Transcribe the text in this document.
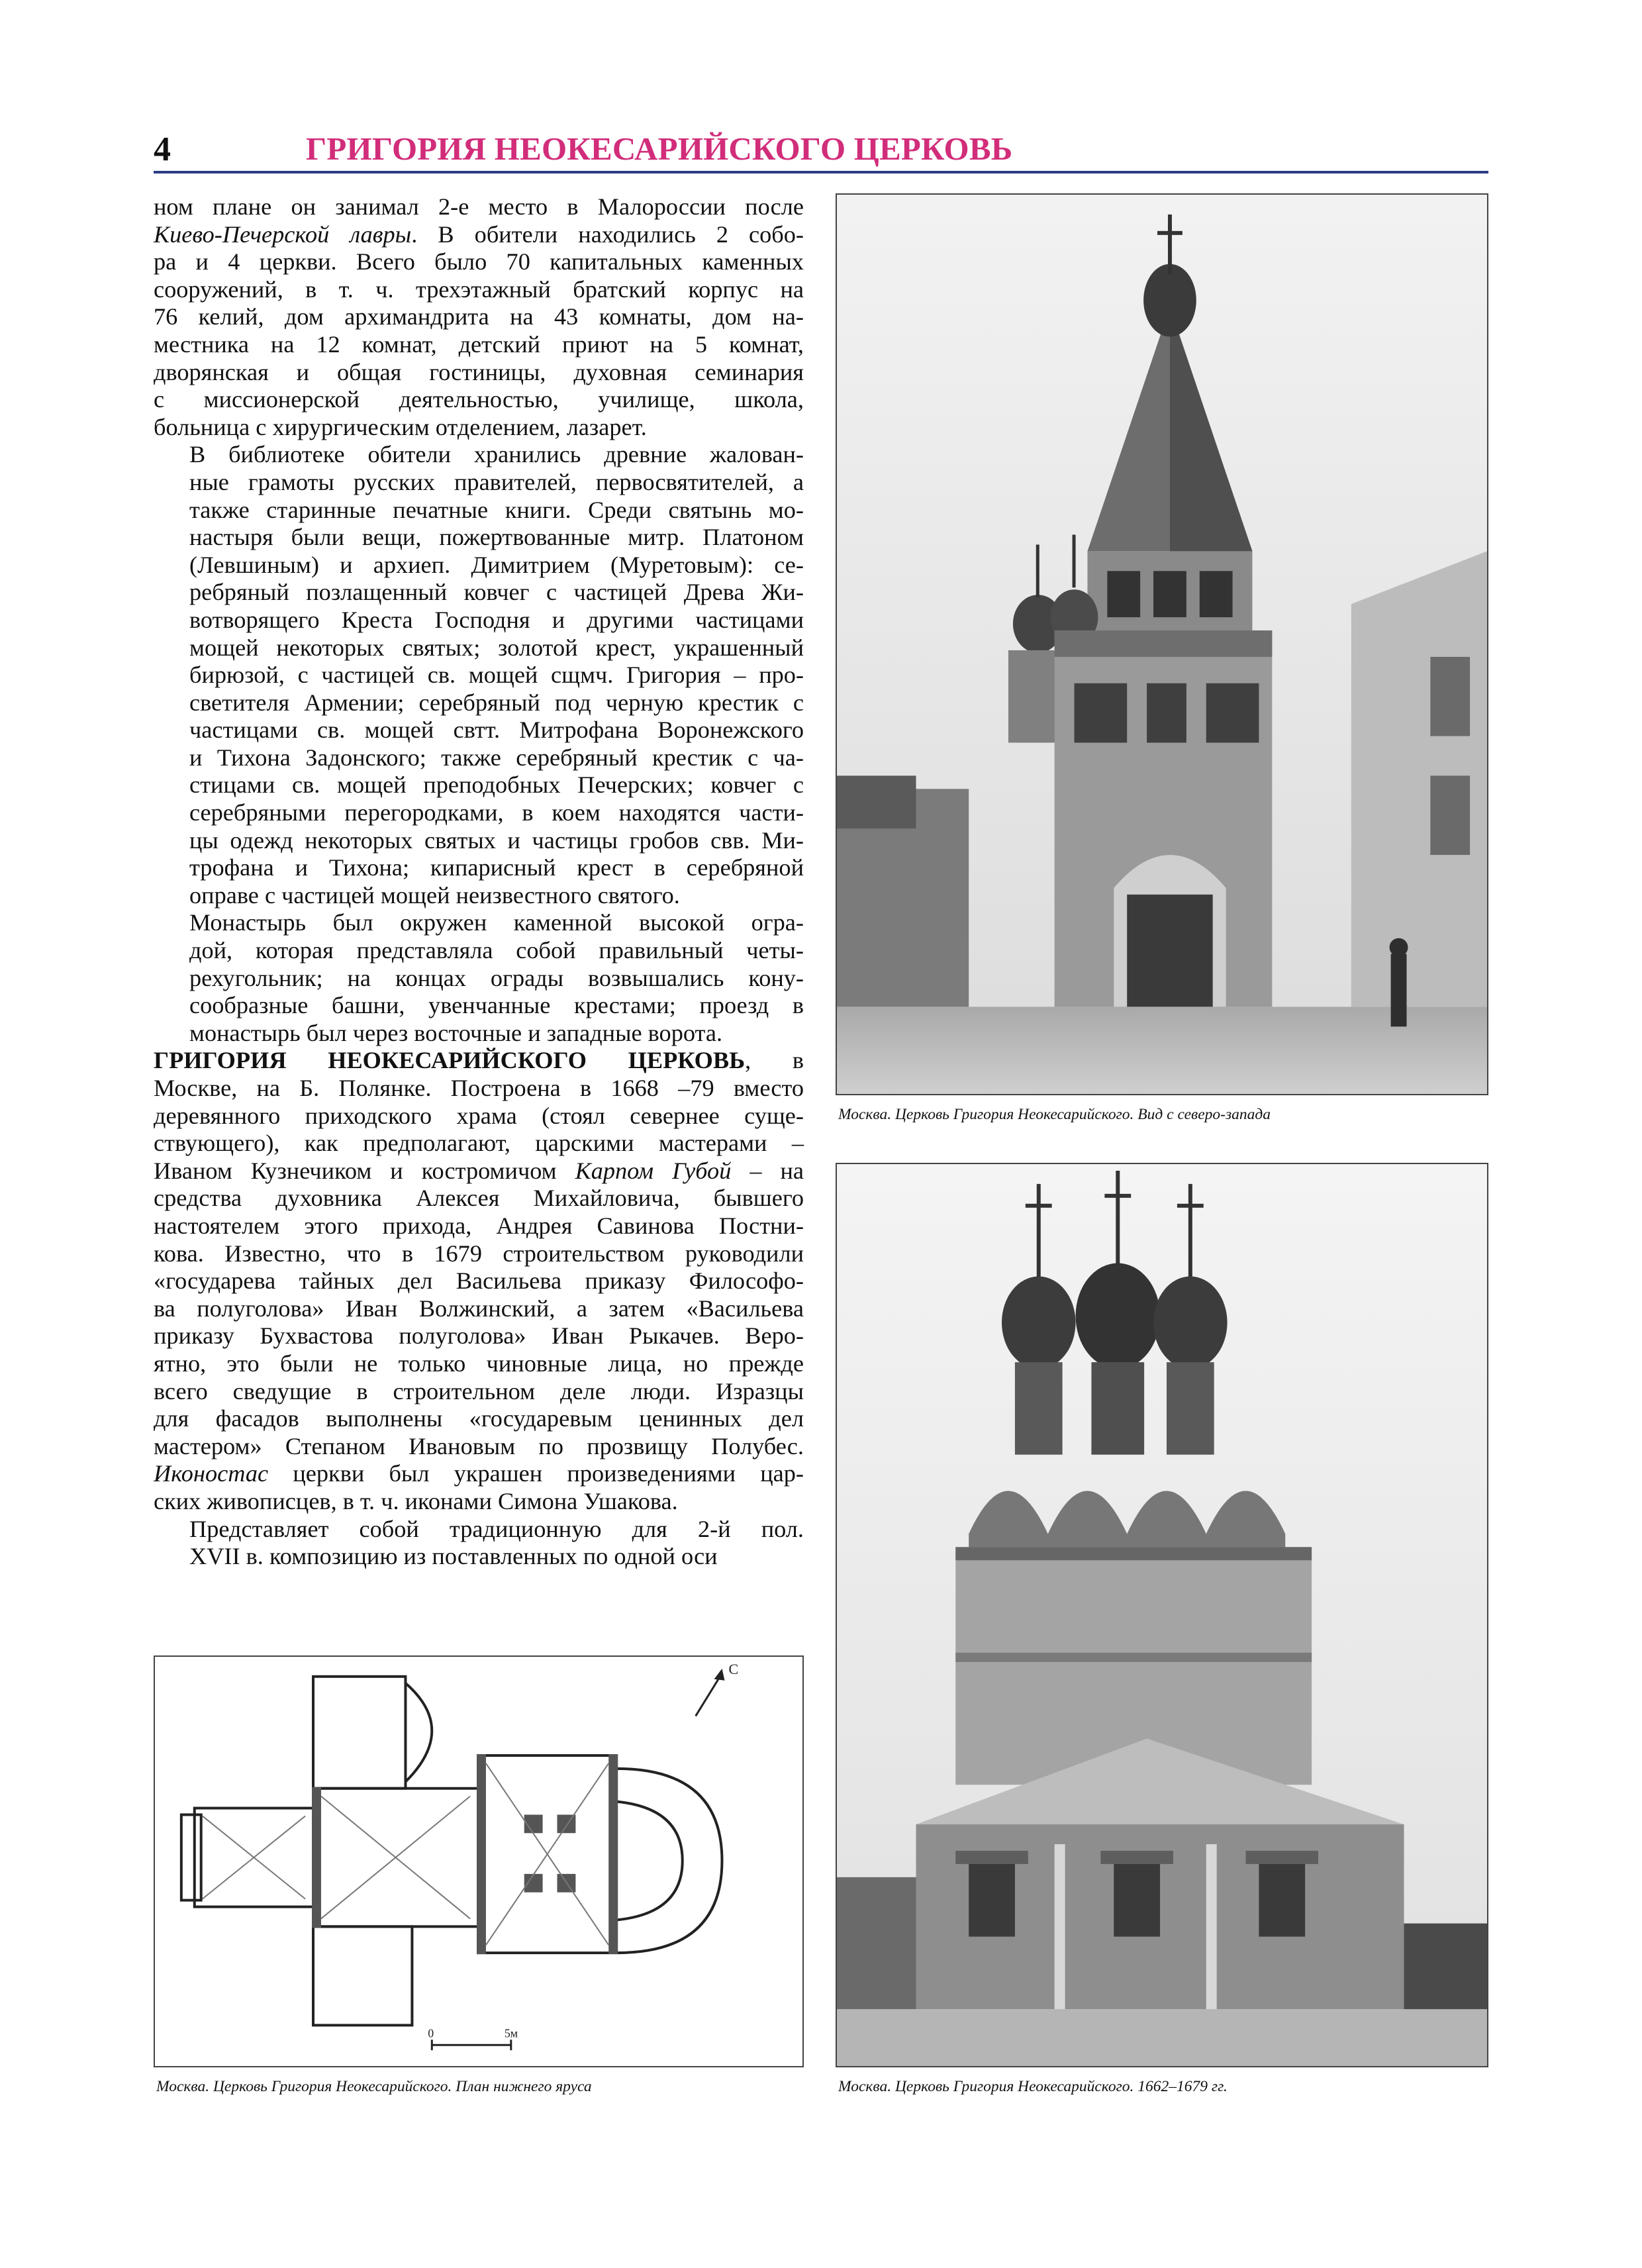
4	ГРИГОРИЯ НЕОКЕСАРИЙСКОГО ЦЕРКОВЬ

ном плане он занимал 2-е место в Малороссии после
Киево-Печерской лавры. В обители находились 2 собо-
ра и 4 церкви. Всего было 70 капитальных каменных
сооружений, в т. ч. трехэтажный братский корпус на
76 келий, дом архимандрита на 43 комнаты, дом на-
местника на 12 комнат, детский приют на 5 комнат,
дворянская и общая гостиницы, духовная семинария
с миссионерской деятельностью, училище, школа,
больница с хирургическим отделением, лазарет.

В библиотеке обители хранились древние жалован-
ные грамоты русских правителей, первосвятителей, а
также старинные печатные книги. Среди святынь мо-
настыря были вещи, пожертвованные митр. Платоном
(Левшиным) и архиеп. Димитрием (Муретовым): се-
ребряный позлащенный ковчег с частицей Древа Жи-
вотворящего Креста Господня и другими частицами
мощей некоторых святых; золотой крест, украшенный
бирюзой, с частицей св. мощей сщмч. Григория – про-
светителя Армении; серебряный под черную крестик с
частицами св. мощей свтт. Митрофана Воронежского
и Тихона Задонского; также серебряный крестик с ча-
стицами св. мощей преподобных Печерских; ковчег с
серебряными перегородками, в коем находятся части-
цы одежд некоторых святых и частицы гробов свв. Ми-
трофана и Тихона; кипарисный крест в серебряной
оправе с частицей мощей неизвестного святого.

Монастырь был окружен каменной высокой огра-
дой, которая представляла собой правильный четы-
рехугольник; на концах ограды возвышались кону-
сообразные башни, увенчанные крестами; проезд в
монастырь был через восточные и западные ворота.

ГРИГОРИЯ НЕОКЕСАРИЙСКОГО ЦЕРКОВЬ, в
Москве, на Б. Полянке. Построена в 1668 –79 вместо
деревянного приходского храма (стоял севернее суще-
ствующего), как предполагают, царскими мастерами –
Иваном Кузнечиком и костромичом Карпом Губой – на
средства духовника Алексея Михайловича, бывшего
настоятелем этого прихода, Андрея Савинова Постни-
кова. Известно, что в 1679 строительством руководили
«государева тайных дел Васильева приказу Философо-
ва полуголова» Иван Волжинский, а затем «Васильева
приказу Бухвастова полуголова» Иван Рыкачев. Веро-
ятно, это были не только чиновные лица, но прежде
всего сведущие в строительном деле люди. Изразцы
для фасадов выполнены «государевым ценинных дел
мастером» Степаном Ивановым по прозвищу Полубес.
Иконостас церкви был украшен произведениями цар-
ских живописцев, в т. ч. иконами Симона Ушакова.

Представляет собой традиционную для 2-й пол.
XVII в. композицию из поставленных по одной оси

Москва. Церковь Григория Неокесарийского. Вид с северо-запада
Москва. Церковь Григория Неокесарийского. 1662–1679 гг.
С
0	5м
Москва. Церковь Григория Неокесарийского. План нижнего яруса
